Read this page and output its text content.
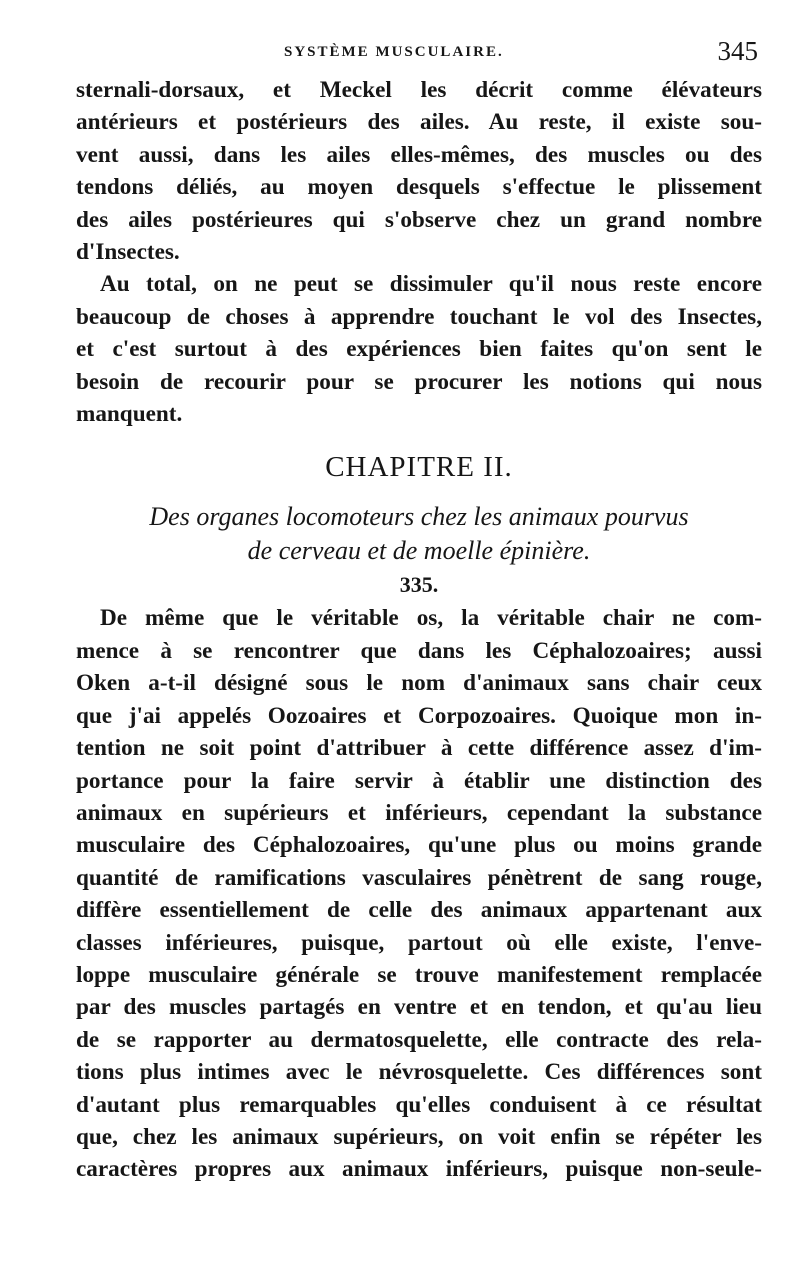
SYSTÈME MUSCULAIRE.	345

sternali-dorsaux, et Meckel les décrit comme élévateurs
antérieurs et postérieurs des ailes. Au reste, il existe sou-
vent aussi, dans les ailes elles-mêmes, des muscles ou des
tendons déliés, au moyen desquels s'effectue le plissement
des ailes postérieures qui s'observe chez un grand nombre
d'Insectes.

Au total, on ne peut se dissimuler qu'il nous reste encore
beaucoup de choses à apprendre touchant le vol des Insectes,
et c'est surtout à des expériences bien faites qu'on sent le
besoin de recourir pour se procurer les notions qui nous
manquent.

CHAPITRE II.
Des organes locomoteurs chez les animaux pourvus
de cerveau et de moelle épinière.
335.

De même que le véritable os, la véritable chair ne com-
mence à se rencontrer que dans les Céphalozoaires; aussi
Oken a-t-il désigné sous le nom d'animaux sans chair ceux
que j'ai appelés Oozoaires et Corpozoaires. Quoique mon in-
tention ne soit point d'attribuer à cette différence assez d'im-
portance pour la faire servir à établir une distinction des
animaux en supérieurs et inférieurs, cependant la substance
musculaire des Céphalozoaires, qu'une plus ou moins grande
quantité de ramifications vasculaires pénètrent de sang rouge,
diffère essentiellement de celle des animaux appartenant aux
classes inférieures, puisque, partout où elle existe, l'enve-
loppe musculaire générale se trouve manifestement remplacée
par des muscles partagés en ventre et en tendon, et qu'au lieu
de se rapporter au dermatosquelette, elle contracte des rela-
tions plus intimes avec le névrosquelette. Ces différences sont
d'autant plus remarquables qu'elles conduisent à ce résultat
que, chez les animaux supérieurs, on voit enfin se répéter les
caractères propres aux animaux inférieurs, puisque non-seule-
